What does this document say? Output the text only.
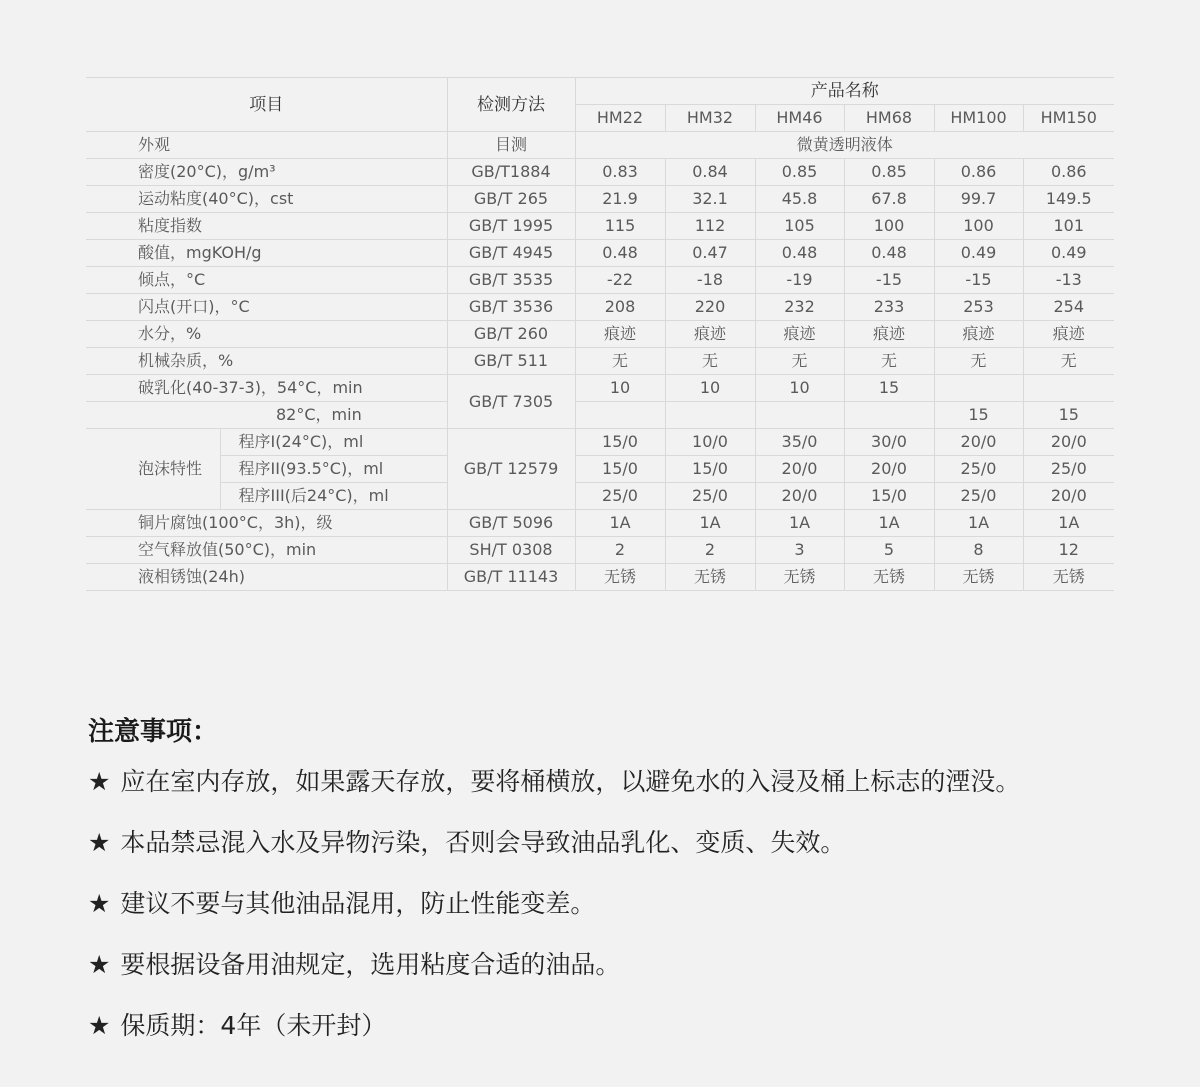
项目		检测方法	产品名称					
			HM22	HM32	HM46	HM68	HM100	HM150
外观		目测	微黄透明液体					
密度(20°C)，g/m³		GB/T1884	0.83	0.84	0.85	0.85	0.86	0.86
运动粘度(40°C)，cst		GB/T 265	21.9	32.1	45.8	67.8	99.7	149.5
粘度指数		GB/T 1995	115	112	105	100	100	101
酸值，mgKOH/g		GB/T 4945	0.48	0.47	0.48	0.48	0.49	0.49
倾点，°C		GB/T 3535	-22	-18	-19	-15	-15	-13
闪点(开口)，°C		GB/T 3536	208	220	232	233	253	254
水分，%		GB/T 260	痕迹	痕迹	痕迹	痕迹	痕迹	痕迹
机械杂质，%		GB/T 511	无	无	无	无	无	无
破乳化(40-37-3)，54°C，min		GB/T 7305	10	10	10	15		
82°C，min							15	15
泡沫特性	程序I(24°C)，ml	GB/T 12579	15/0	10/0	35/0	30/0	20/0	20/0
	程序II(93.5°C)，ml		15/0	15/0	20/0	20/0	25/0	25/0
	程序III(后24°C)，ml		25/0	25/0	20/0	15/0	25/0	20/0
铜片腐蚀(100°C，3h)，级		GB/T 5096	1A	1A	1A	1A	1A	1A
空气释放值(50°C)，min		SH/T 0308	2	2	3	5	8	12
液相锈蚀(24h)		GB/T 11143	无锈	无锈	无锈	无锈	无锈	无锈
注意事项：
★ 应在室内存放，如果露天存放，要将桶横放，以避免水的入浸及桶上标志的湮没。
★ 本品禁忌混入水及异物污染，否则会导致油品乳化、变质、失效。
★ 建议不要与其他油品混用，防止性能变差。
★ 要根据设备用油规定，选用粘度合适的油品。
★ 保质期：4年（未开封）
